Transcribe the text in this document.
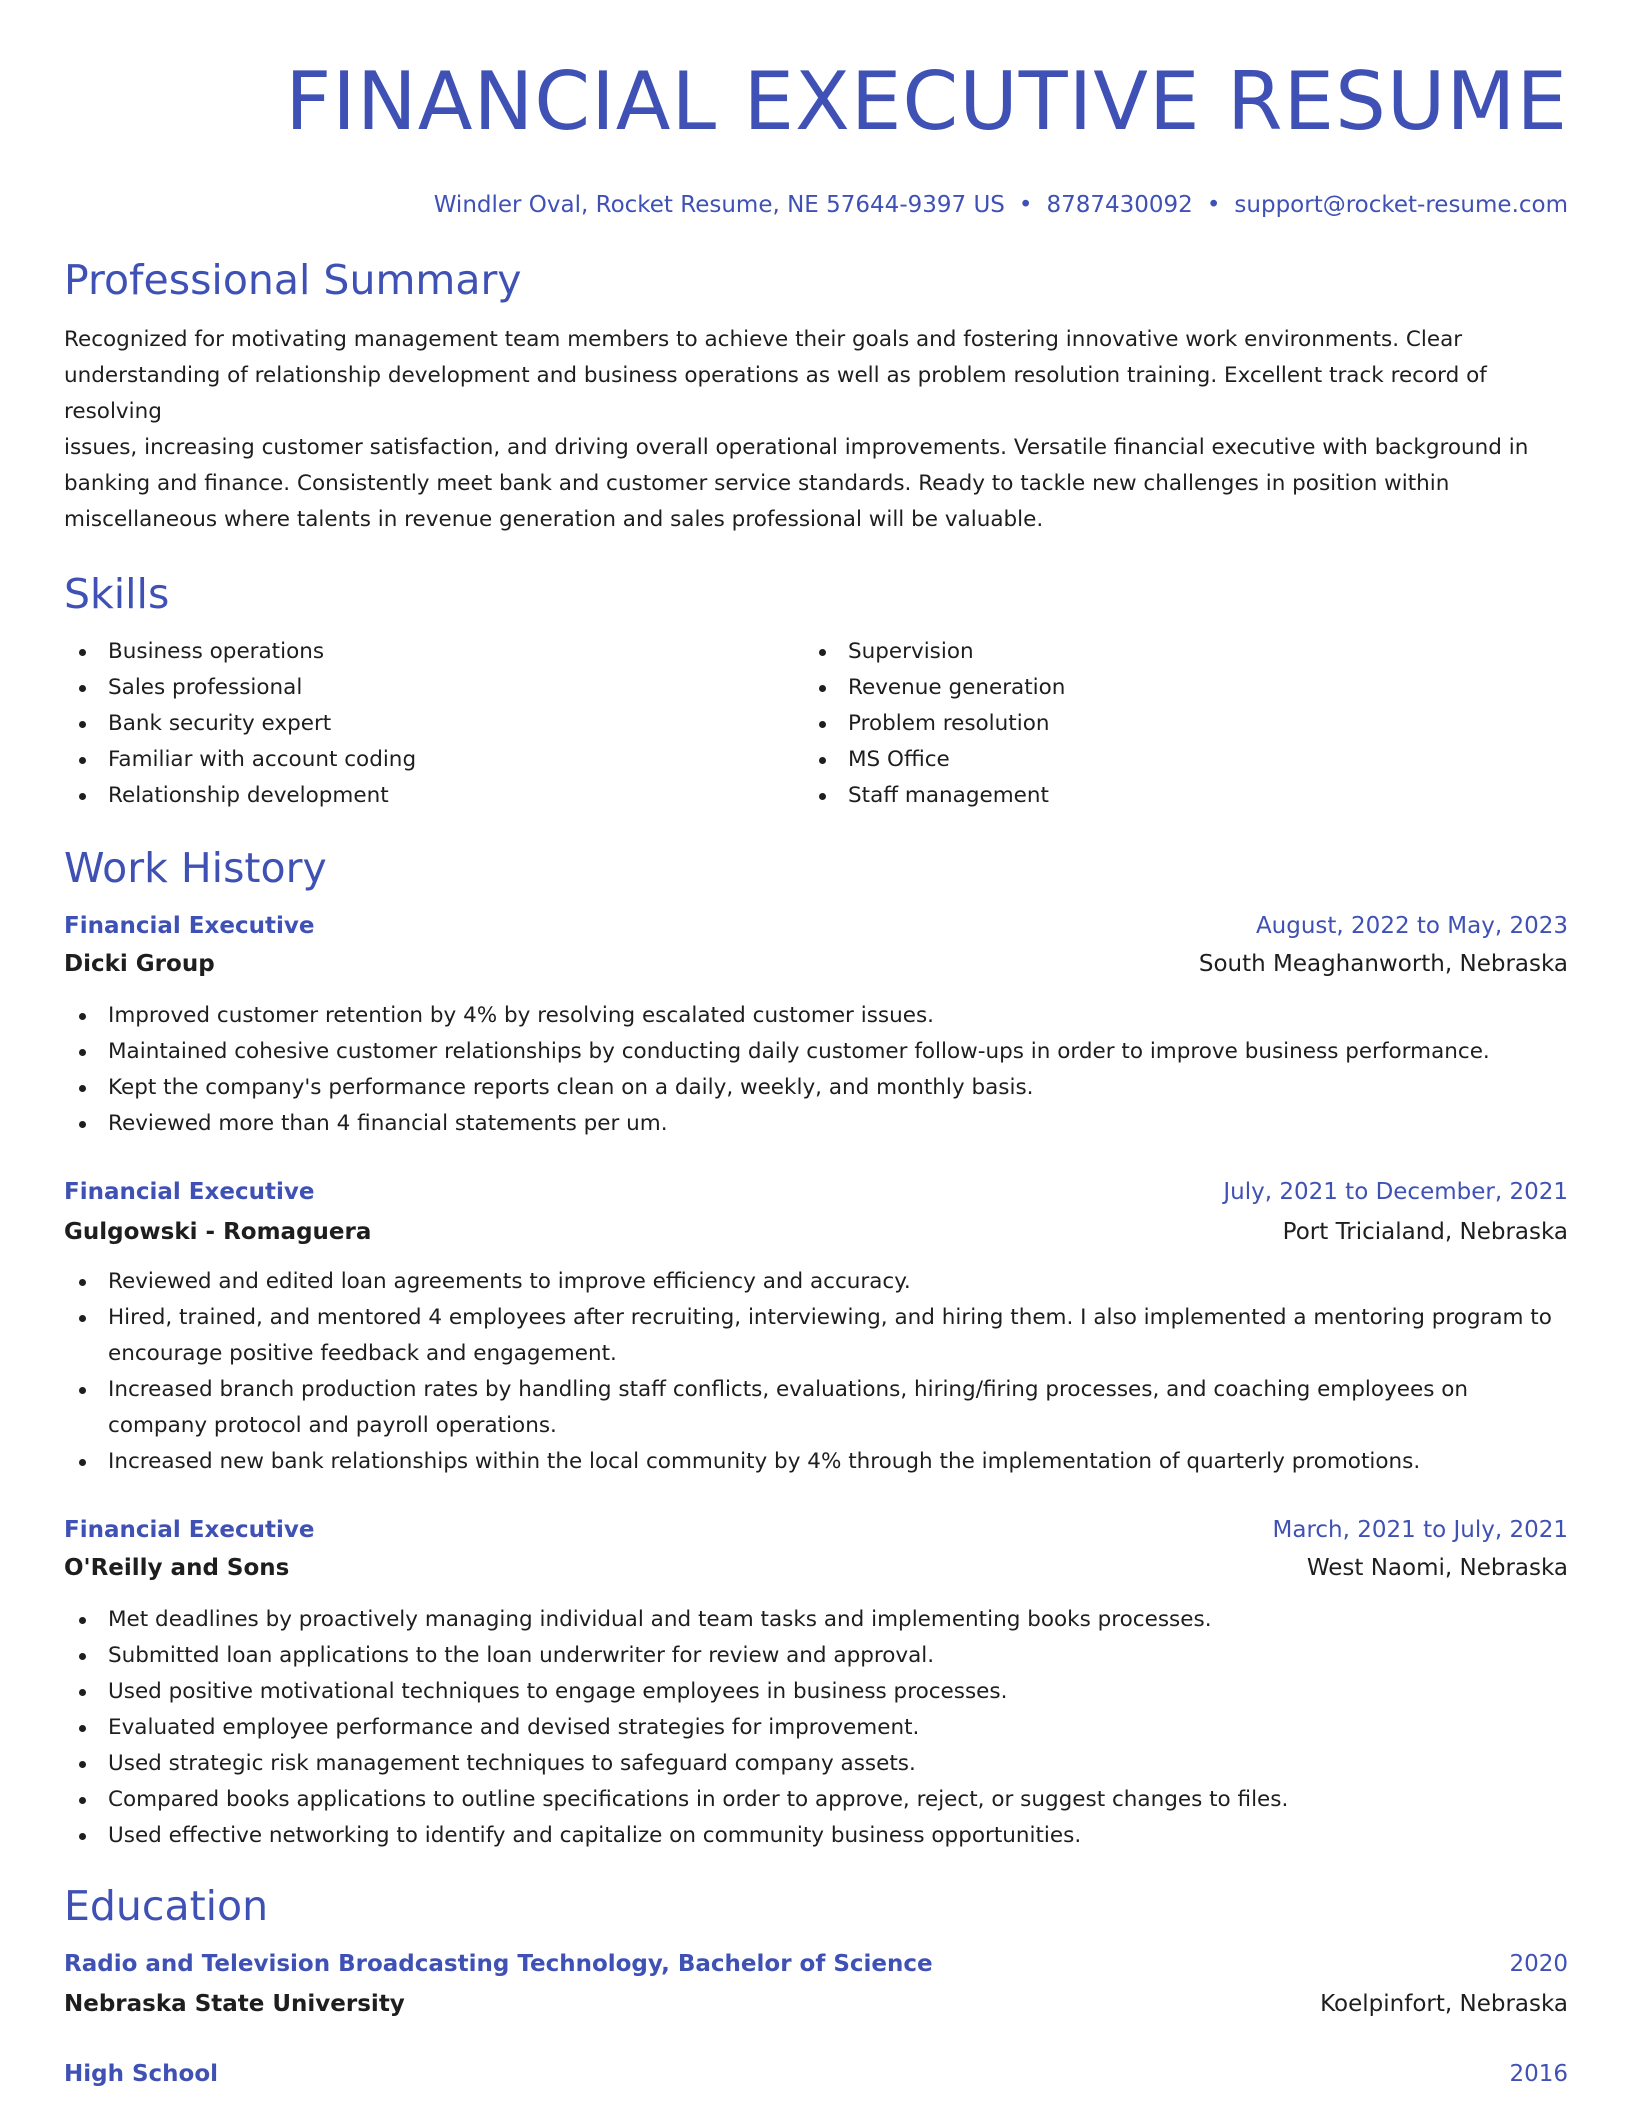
FINANCIAL EXECUTIVE RESUME
Windler Oval, Rocket Resume, NE 57644-9397 US • 8787430092 • support@rocket-resume.com
Professional Summary
Recognized for motivating management team members to achieve their goals and fostering innovative work environments. Clear
understanding of relationship development and business operations as well as problem resolution training. Excellent track record of resolving
issues, increasing customer satisfaction, and driving overall operational improvements. Versatile financial executive with background in
banking and finance. Consistently meet bank and customer service standards. Ready to tackle new challenges in position within
miscellaneous where talents in revenue generation and sales professional will be valuable.
Skills
Business operations
Sales professional
Bank security expert
Familiar with account coding
Relationship development
Supervision
Revenue generation
Problem resolution
MS Office
Staff management
Work History
Financial Executive	August, 2022 to May, 2023
Dicki Group	South Meaghanworth, Nebraska
Improved customer retention by 4% by resolving escalated customer issues.
Maintained cohesive customer relationships by conducting daily customer follow-ups in order to improve business performance.
Kept the company's performance reports clean on a daily, weekly, and monthly basis.
Reviewed more than 4 financial statements per um.
Financial Executive	July, 2021 to December, 2021
Gulgowski - Romaguera	Port Tricialand, Nebraska
Reviewed and edited loan agreements to improve efficiency and accuracy.
Hired, trained, and mentored 4 employees after recruiting, interviewing, and hiring them. I also implemented a mentoring program to encourage positive feedback and engagement.
Increased branch production rates by handling staff conflicts, evaluations, hiring/firing processes, and coaching employees on company protocol and payroll operations.
Increased new bank relationships within the local community by 4% through the implementation of quarterly promotions.
Financial Executive	March, 2021 to July, 2021
O'Reilly and Sons	West Naomi, Nebraska
Met deadlines by proactively managing individual and team tasks and implementing books processes.
Submitted loan applications to the loan underwriter for review and approval.
Used positive motivational techniques to engage employees in business processes.
Evaluated employee performance and devised strategies for improvement.
Used strategic risk management techniques to safeguard company assets.
Compared books applications to outline specifications in order to approve, reject, or suggest changes to files.
Used effective networking to identify and capitalize on community business opportunities.
Education
Radio and Television Broadcasting Technology, Bachelor of Science	2020
Nebraska State University	Koelpinfort, Nebraska
High School	2016
